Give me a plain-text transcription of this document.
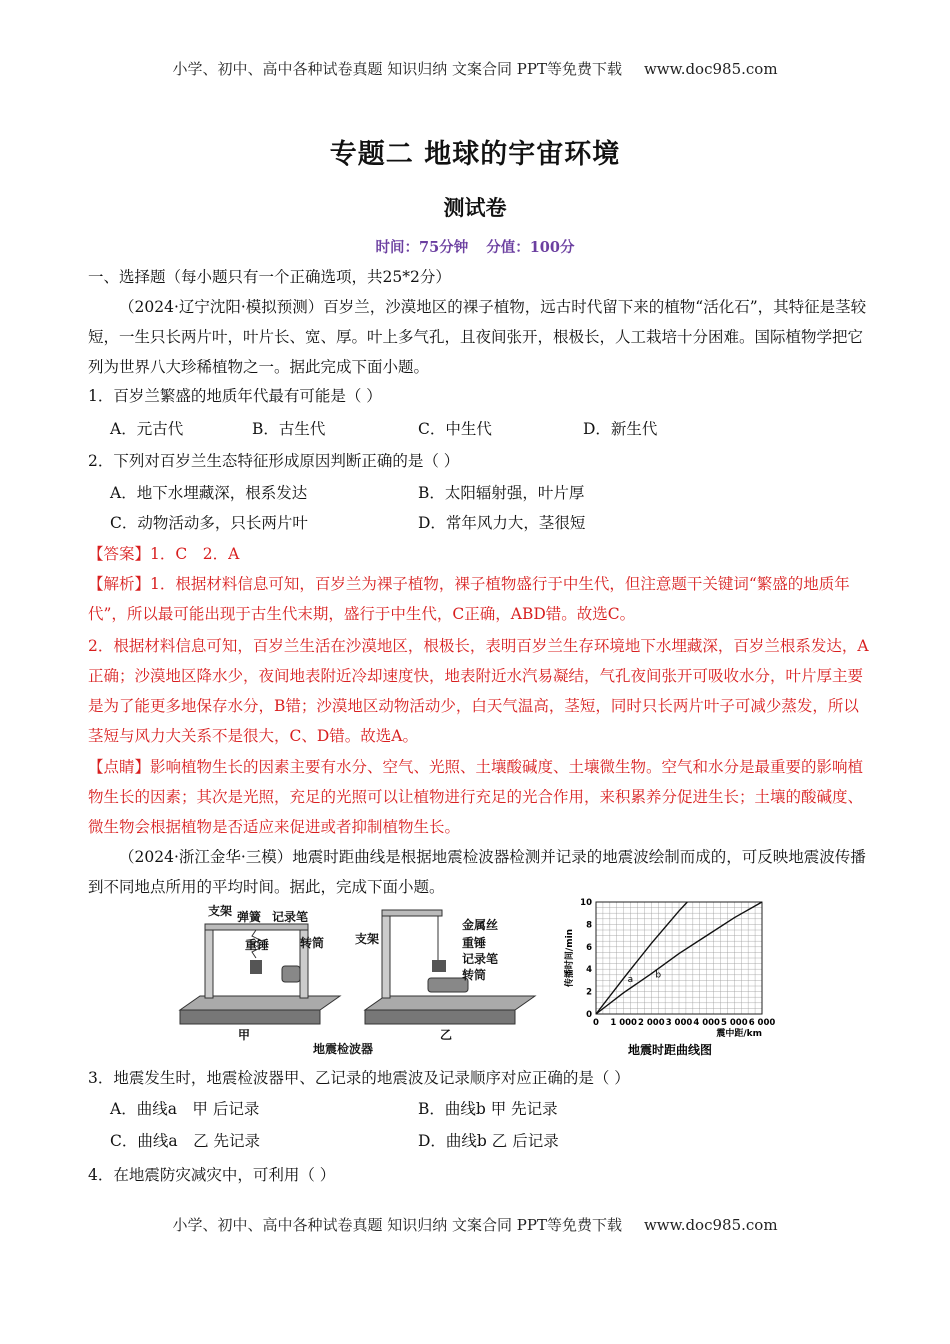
小学、初中、高中各种试卷真题 知识归纳 文案合同 PPT等免费下载 www.doc985.com
专题二 地球的宇宙环境
测试卷
时间：75分钟 分值：100分
一、选择题（每小题只有一个正确选项，共25*2分）
（2024·辽宁沈阳·模拟预测）百岁兰，沙漠地区的裸子植物，远古时代留下来的植物“活化石”，其特征是茎较短，一生只长两片叶，叶片长、宽、厚。叶上多气孔，且夜间张开，根极长，人工栽培十分困难。国际植物学把它列为世界八大珍稀植物之一。据此完成下面小题。
1．百岁兰繁盛的地质年代最有可能是（ ）
A．元古代	B．古生代	C．中生代	D．新生代
2．下列对百岁兰生态特征形成原因判断正确的是（ ）
A．地下水埋藏深，根系发达	B．太阳辐射强，叶片厚
C．动物活动多，只长两片叶	D．常年风力大，茎很短
【答案】1．C　2．A
【解析】1．根据材料信息可知，百岁兰为裸子植物，裸子植物盛行于中生代，但注意题干关键词“繁盛的地质年代”，所以最可能出现于古生代末期，盛行于中生代，C正确，ABD错。故选C。
2．根据材料信息可知，百岁兰生活在沙漠地区，根极长，表明百岁兰生存环境地下水埋藏深，百岁兰根系发达，A正确；沙漠地区降水少，夜间地表附近冷却速度快，地表附近水汽易凝结，气孔夜间张开可吸收水分，叶片厚主要是为了能更多地保存水分，B错；沙漠地区动物活动少，白天气温高，茎短，同时只长两片叶子可减少蒸发，所以茎短与风力大关系不是很大，C、D错。故选A。
【点睛】影响植物生长的因素主要有水分、空气、光照、土壤酸碱度、土壤微生物。空气和水分是最重要的影响植物生长的因素；其次是光照，充足的光照可以让植物进行充足的光合作用，来积累养分促进生长；土壤的酸碱度、微生物会根据植物是否适应来促进或者抑制植物生长。
（2024·浙江金华·三模）地震时距曲线是根据地震检波器检测并记录的地震波绘制而成的，可反映地震波传播到不同地点所用的平均时间。据此，完成下面小题。
支架 弹簧 记录笔
重锤	转筒	支架
金属丝
重锤
记录笔
转筒
甲	乙
地震检波器
0 1 000 2 000 3 000 4 000 5 000 6 000
0
2
4
6
8
10
震中距/km
传播时间/min	a b
地震时距曲线图
3．地震发生时，地震检波器甲、乙记录的地震波及记录顺序对应正确的是（ ）
A．曲线a　甲 后记录	B．曲线b 甲 先记录
C．曲线a　乙 先记录	D．曲线b 乙 后记录
4．在地震防灾减灾中，可利用（ ）
小学、初中、高中各种试卷真题 知识归纳 文案合同 PPT等免费下载 www.doc985.com
